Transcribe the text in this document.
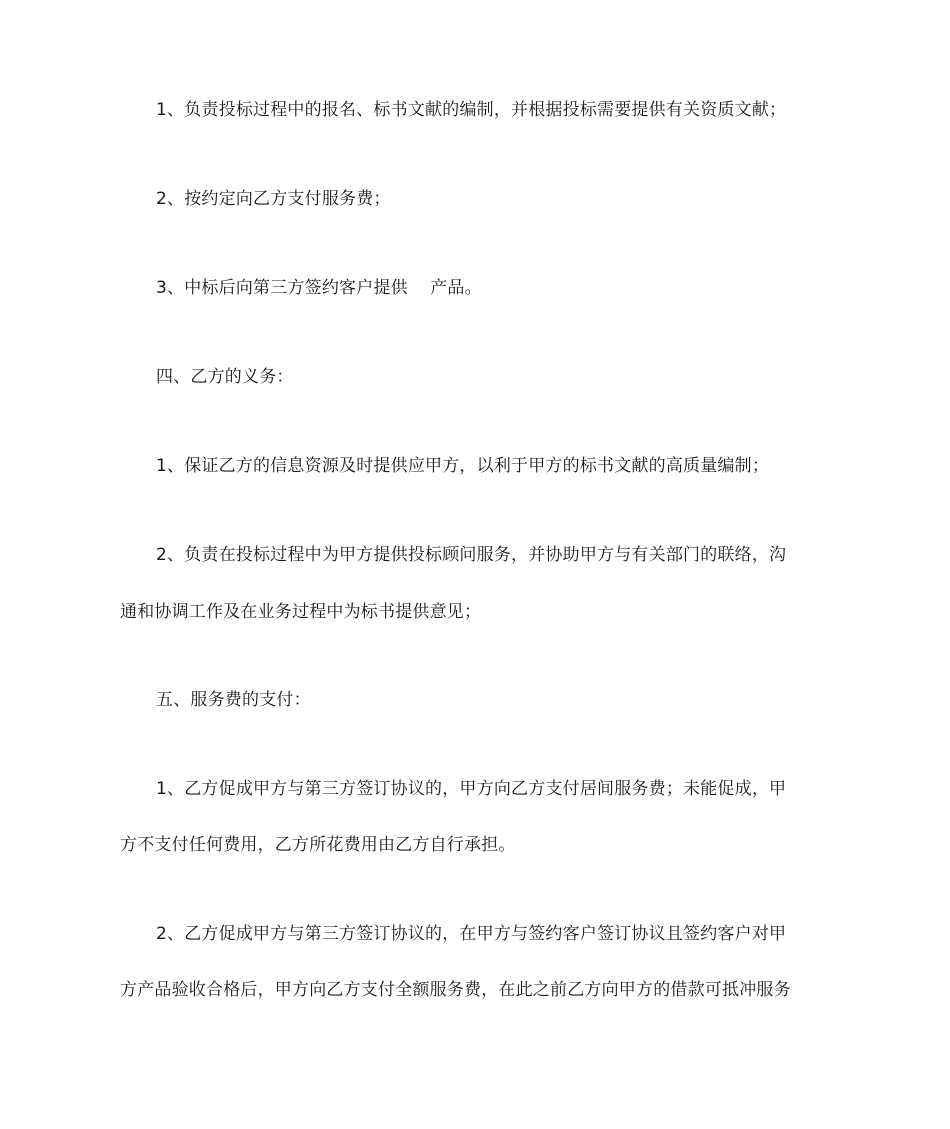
1、负责投标过程中的报名、标书文献的编制，并根据投标需要提供有关资质文献；
2、按约定向乙方支付服务费；
3、中标后向第三方签约客户提供    产品。
四、乙方的义务：
1、保证乙方的信息资源及时提供应甲方，以利于甲方的标书文献的高质量编制；
2、负责在投标过程中为甲方提供投标顾问服务，并协助甲方与有关部门的联络，沟
通和协调工作及在业务过程中为标书提供意见；
五、服务费的支付：
1、乙方促成甲方与第三方签订协议的，甲方向乙方支付居间服务费；未能促成，甲
方不支付任何费用，乙方所花费用由乙方自行承担。
2、乙方促成甲方与第三方签订协议的，在甲方与签约客户签订协议且签约客户对甲
方产品验收合格后，甲方向乙方支付全额服务费，在此之前乙方向甲方的借款可抵冲服务
